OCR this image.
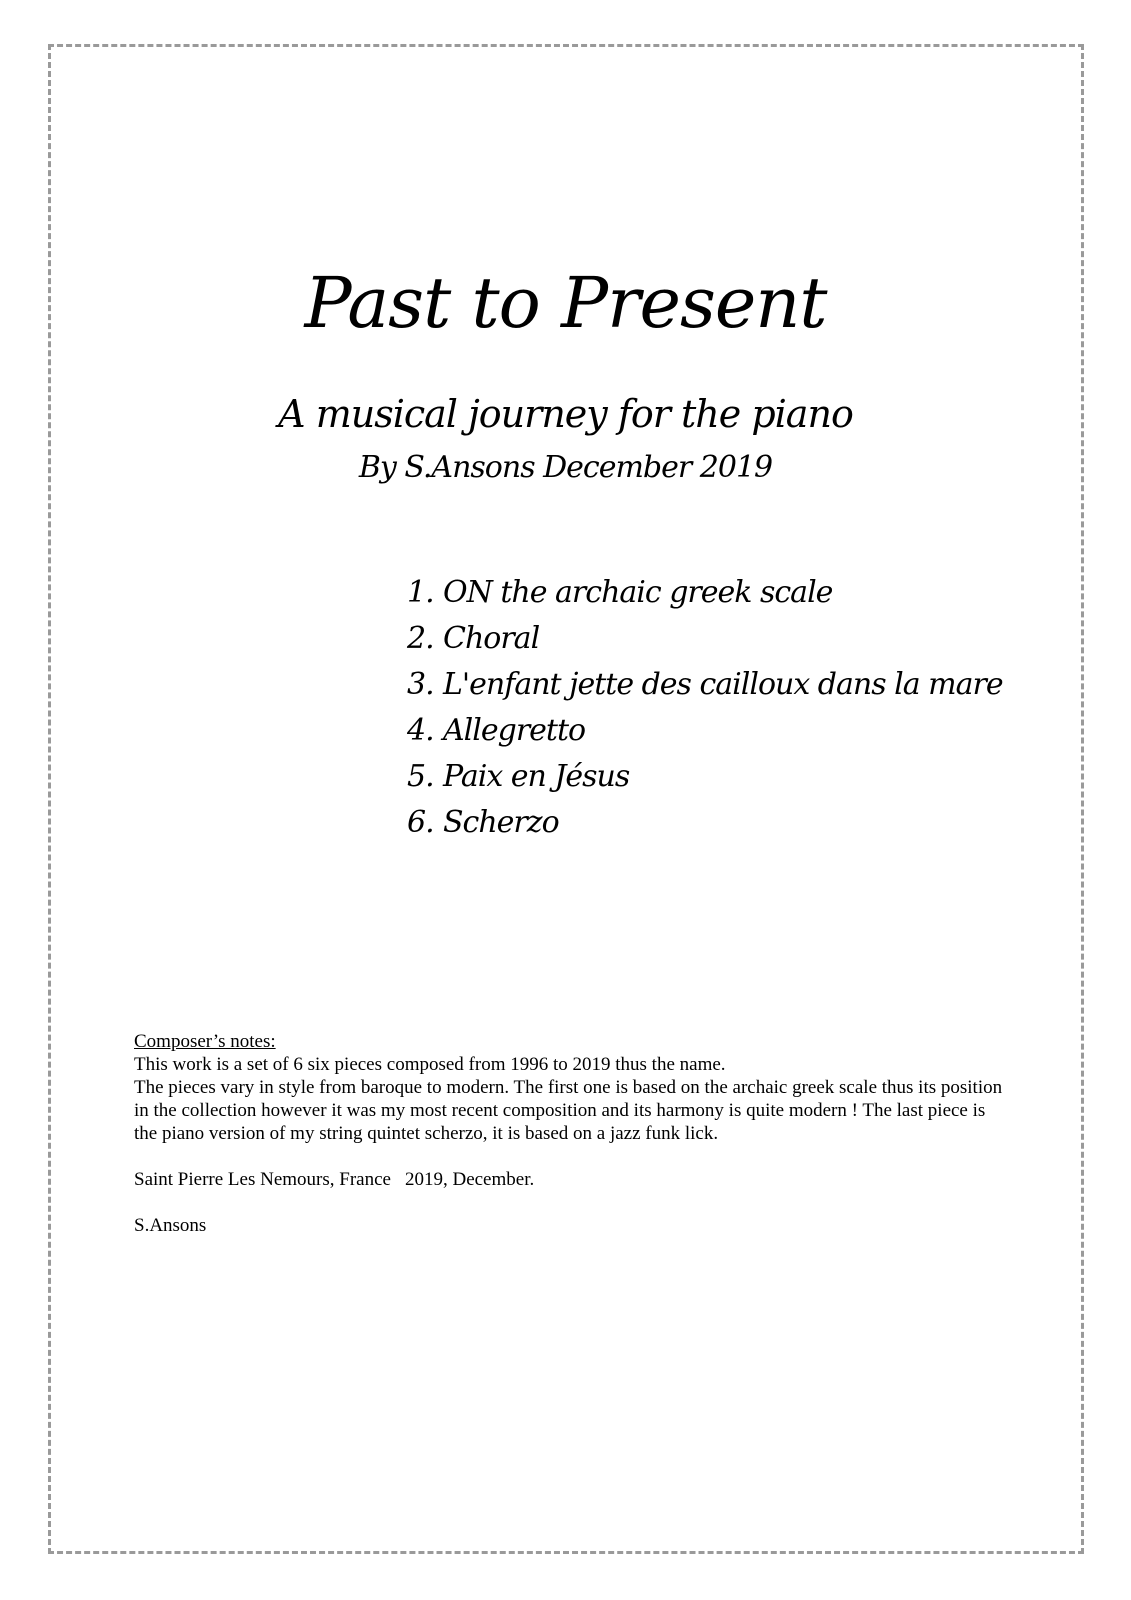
Past to Present
A musical journey for the piano
By S.Ansons December 2019
1. ON the archaic greek scale
2. Choral
3. L'enfant jette des cailloux dans la mare
4. Allegretto
5. Paix en Jésus
6. Scherzo

Composer’s notes:

This work is a set of 6 six pieces composed from 1996 to 2019 thus the name.

The pieces vary in style from baroque to modern. The first one is based on the archaic greek scale thus its position in the collection however it was my most recent composition and its harmony is quite modern ! The last piece is the piano version of my string quintet scherzo, it is based on a jazz funk lick.

Saint Pierre Les Nemours, France 2019, December.

S.Ansons
